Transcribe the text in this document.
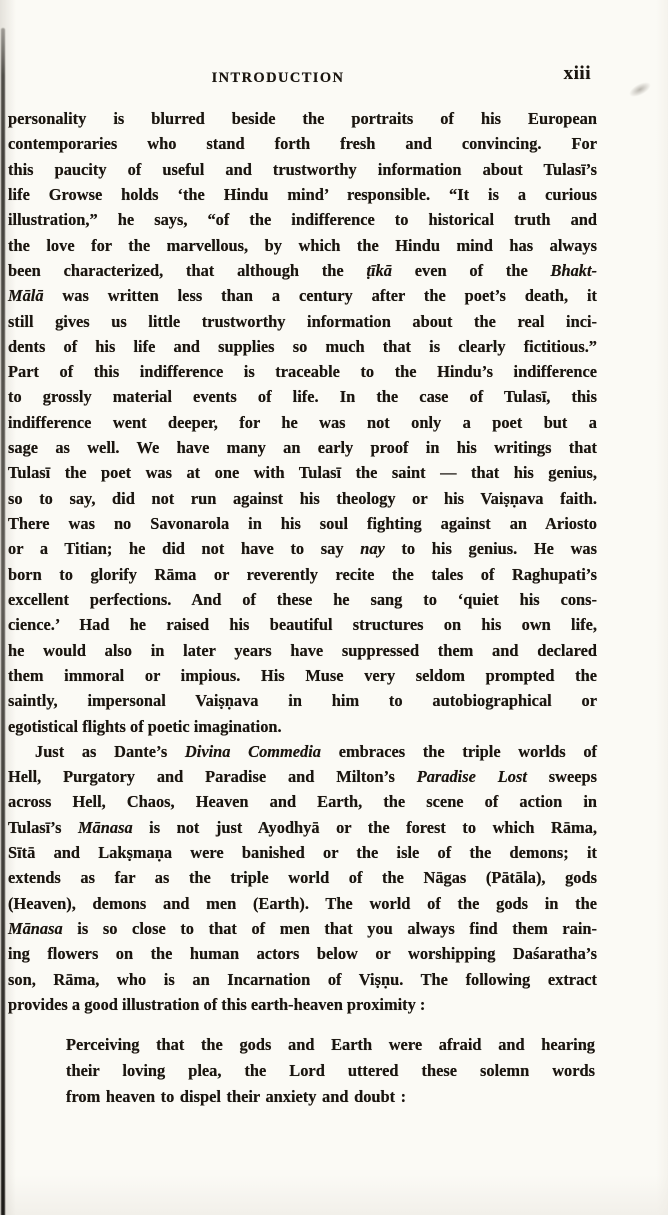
INTRODUCTION	xiii
personality is blurred beside the portraits of his European
contemporaries who stand forth fresh and convincing. For
this paucity of useful and trustworthy information about Tulasī’s
life Growse holds ‘the Hindu mind’ responsible. “It is a curious
illustration,” he says, “of the indifference to historical truth and
the love for the marvellous, by which the Hindu mind has always
been characterized, that although the ṭīkā even of the Bhakt-
Mālā was written less than a century after the poet’s death, it
still gives us little trustworthy information about the real inci-
dents of his life and supplies so much that is clearly fictitious.”
Part of this indifference is traceable to the Hindu’s indifference
to grossly material events of life. In the case of Tulasī, this
indifference went deeper, for he was not only a poet but a
sage as well. We have many an early proof in his writings that
Tulasī the poet was at one with Tulasī the saint — that his genius,
so to say, did not run against his theology or his Vaiṣṇava faith.
There was no Savonarola in his soul fighting against an Ariosto
or a Titian; he did not have to say nay to his genius. He was
born to glorify Rāma or reverently recite the tales of Raghupati’s
excellent perfections. And of these he sang to ‘quiet his cons-
cience.’ Had he raised his beautiful structures on his own life,
he would also in later years have suppressed them and declared
them immoral or impious. His Muse very seldom prompted the
saintly, impersonal Vaiṣṇava in him to autobiographical or
egotistical flights of poetic imagination.
Just as Dante’s Divina Commedia embraces the triple worlds of
Hell, Purgatory and Paradise and Milton’s Paradise Lost sweeps
across Hell, Chaos, Heaven and Earth, the scene of action in
Tulasī’s Mānasa is not just Ayodhyā or the forest to which Rāma,
Sītā and Lakṣmaṇa were banished or the isle of the demons; it
extends as far as the triple world of the Nāgas (Pātāla), gods
(Heaven), demons and men (Earth). The world of the gods in the
Mānasa is so close to that of men that you always find them rain-
ing flowers on the human actors below or worshipping Daśaratha’s
son, Rāma, who is an Incarnation of Viṣṇu. The following extract
provides a good illustration of this earth-heaven proximity :
Perceiving that the gods and Earth were afraid and hearing
their loving plea, the Lord uttered these solemn words
from heaven to dispel their anxiety and doubt :
